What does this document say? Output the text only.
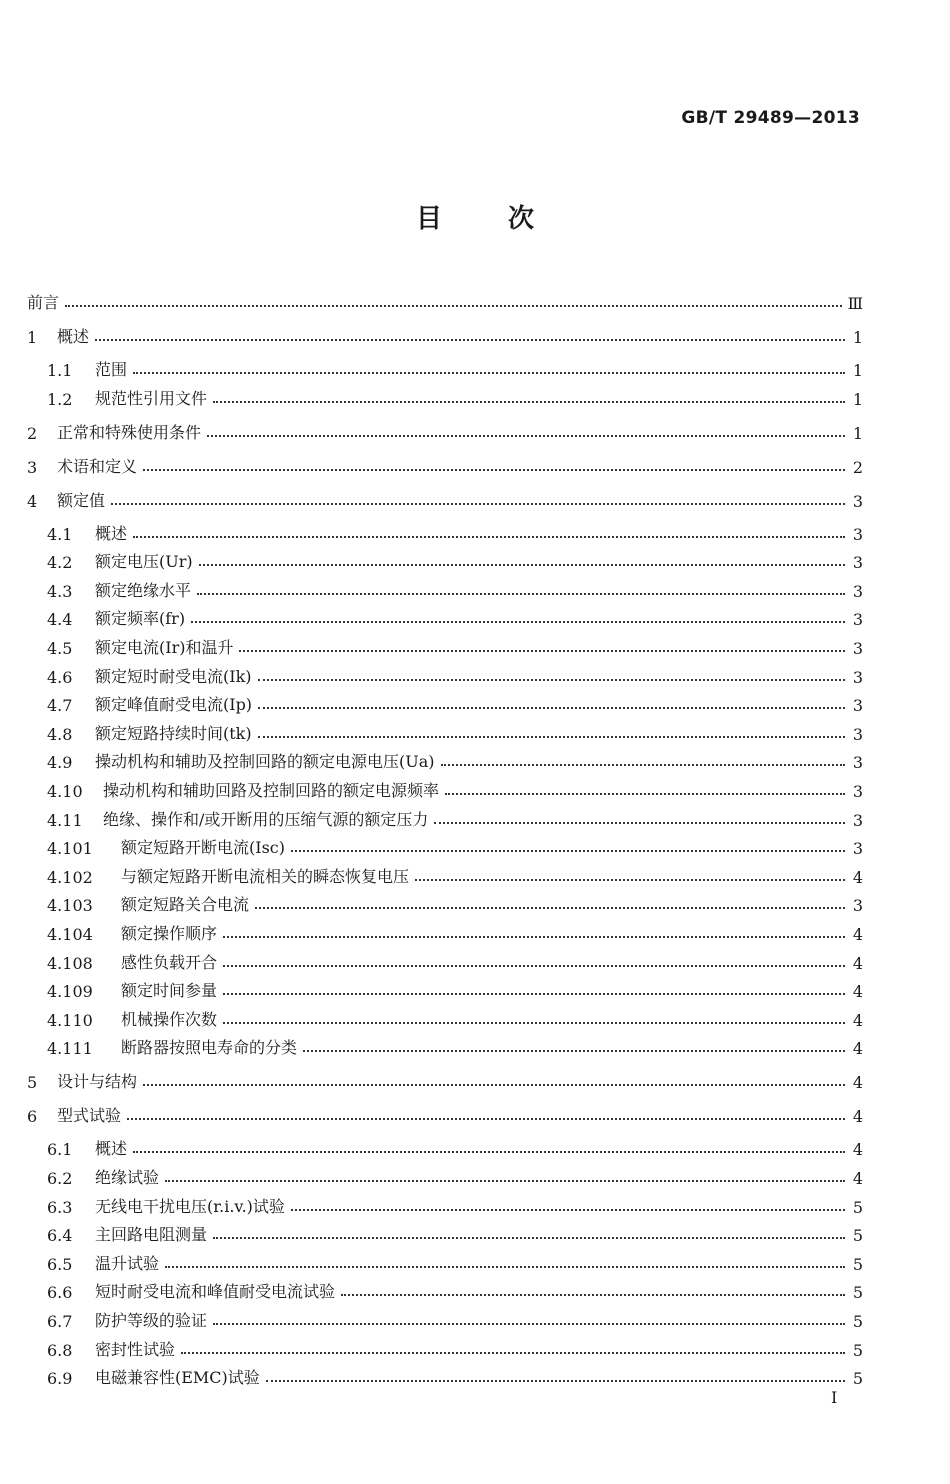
GB/T 29489—2013
目	次
前言	Ⅲ
1	概述	1
1.1	范围	1
1.2	规范性引用文件	1
2	正常和特殊使用条件	1
3	术语和定义	2
4	额定值	3
4.1	概述	3
4.2	额定电压(Ur)	3
4.3	额定绝缘水平	3
4.4	额定频率(fr)	3
4.5	额定电流(Ir)和温升	3
4.6	额定短时耐受电流(Ik)	3
4.7	额定峰值耐受电流(Ip)	3
4.8	额定短路持续时间(tk)	3
4.9	操动机构和辅助及控制回路的额定电源电压(Ua)	3
4.10	操动机构和辅助回路及控制回路的额定电源频率	3
4.11	绝缘、操作和/或开断用的压缩气源的额定压力	3
4.101	额定短路开断电流(Isc)	3
4.102	与额定短路开断电流相关的瞬态恢复电压	4
4.103	额定短路关合电流	3
4.104	额定操作顺序	4
4.108	感性负载开合	4
4.109	额定时间参量	4
4.110	机械操作次数	4
4.111	断路器按照电寿命的分类	4
5	设计与结构	4
6	型式试验	4
6.1	概述	4
6.2	绝缘试验	4
6.3	无线电干扰电压(r.i.v.)试验	5
6.4	主回路电阻测量	5
6.5	温升试验	5
6.6	短时耐受电流和峰值耐受电流试验	5
6.7	防护等级的验证	5
6.8	密封性试验	5
6.9	电磁兼容性(EMC)试验	5
I
